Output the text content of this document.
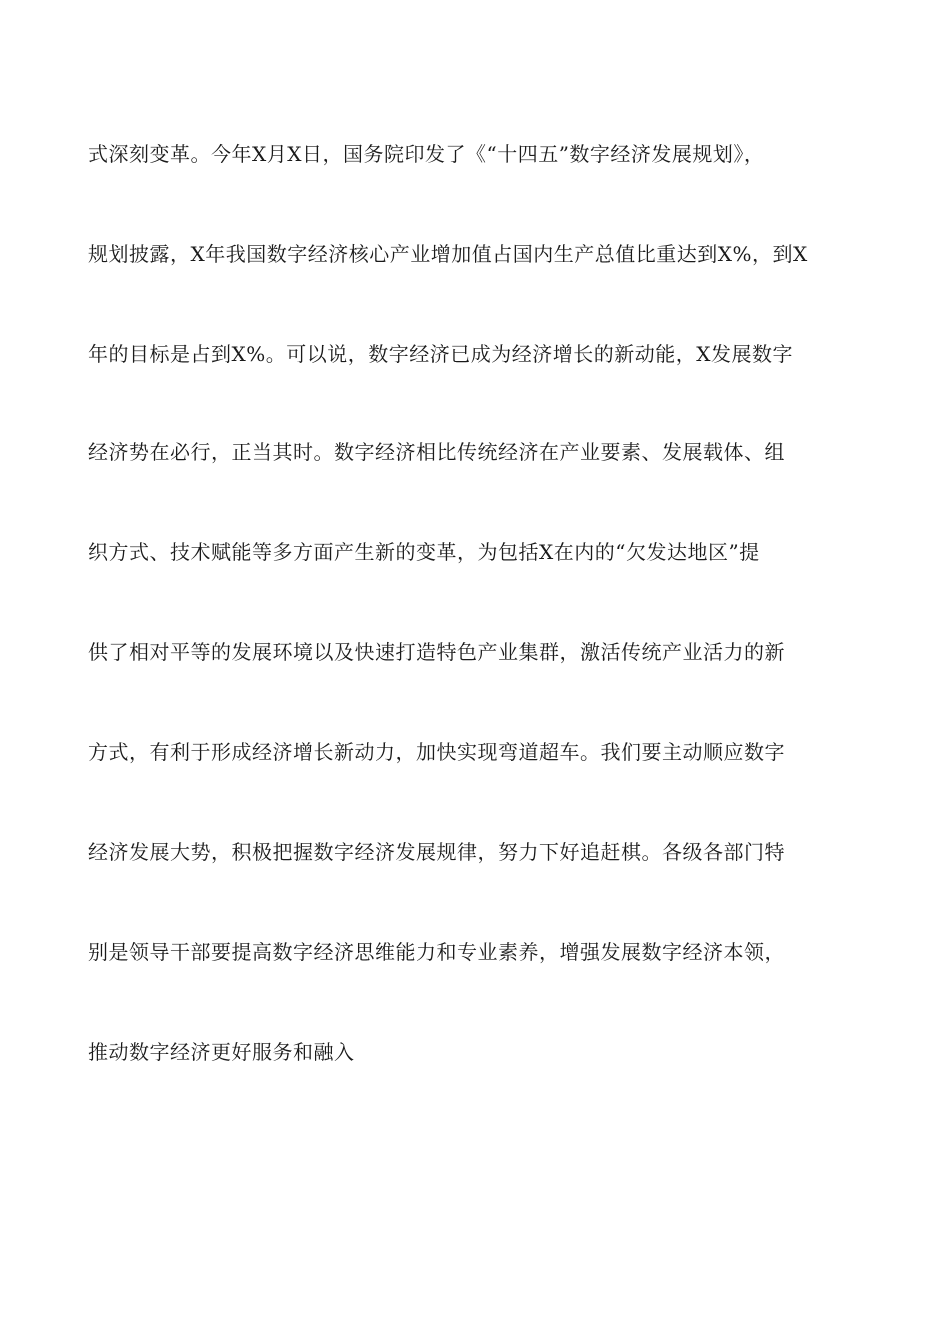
式深刻变革。今年X月X日，国务院印发了《“十四五”数字经济发展规划》，
规划披露，X年我国数字经济核心产业增加值占国内生产总值比重达到X%，到X
年的目标是占到X%。可以说，数字经济已成为经济增长的新动能，X发展数字
经济势在必行，正当其时。数字经济相比传统经济在产业要素、发展载体、组
织方式、技术赋能等多方面产生新的变革，为包括X在内的“欠发达地区”提
供了相对平等的发展环境以及快速打造特色产业集群，激活传统产业活力的新
方式，有利于形成经济增长新动力，加快实现弯道超车。我们要主动顺应数字
经济发展大势，积极把握数字经济发展规律，努力下好追赶棋。各级各部门特
别是领导干部要提高数字经济思维能力和专业素养，增强发展数字经济本领，
推动数字经济更好服务和融入
